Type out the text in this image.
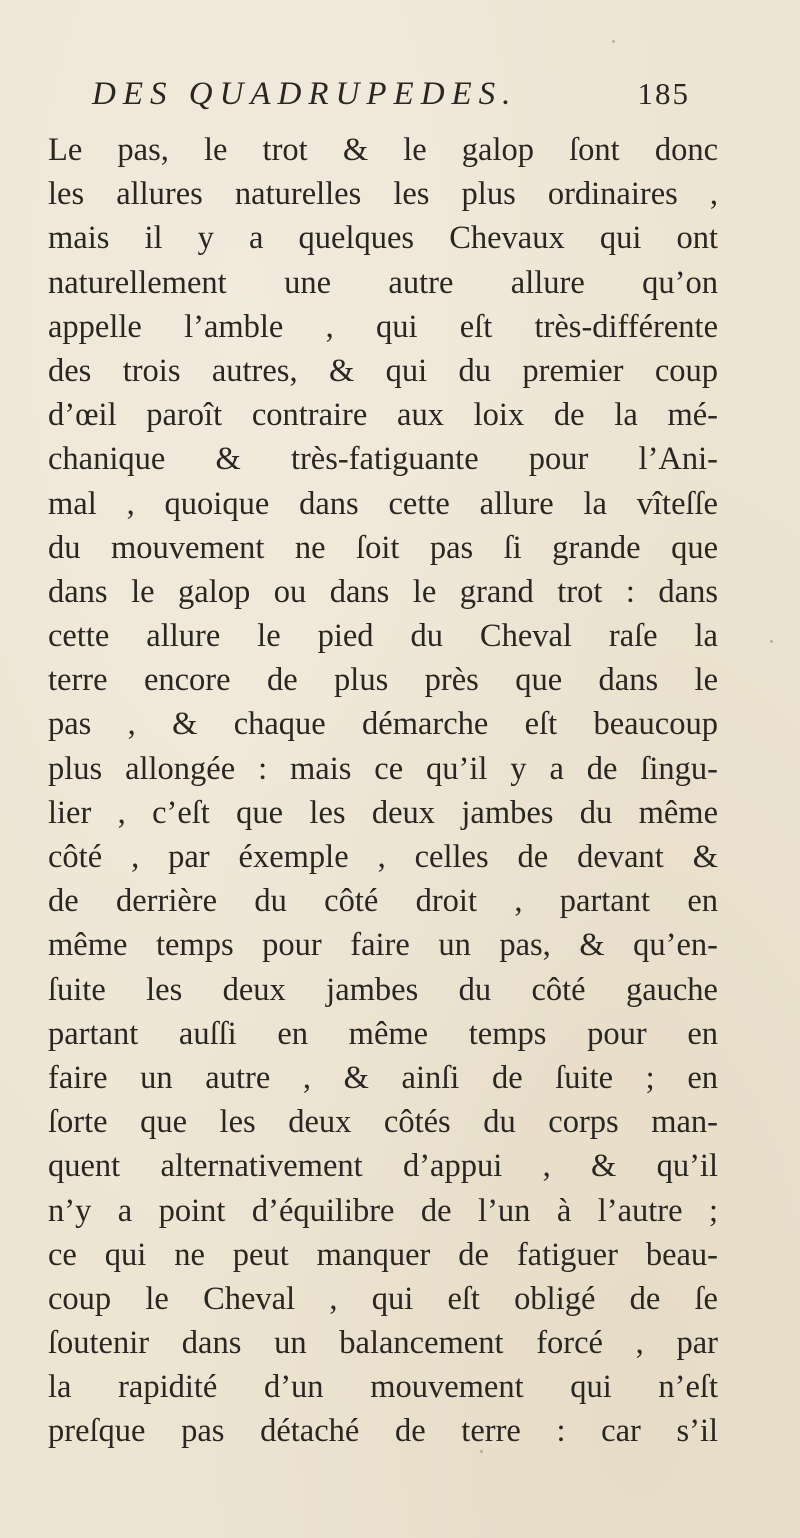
DES QUADRUPEDES.	185
Le pas, le trot & le galop ſont donc
les allures naturelles les plus ordinaires ,
mais il y a quelques Chevaux qui ont
naturellement une autre allure qu’on
appelle l’amble , qui eſt très-différente
des trois autres, & qui du premier coup
d’œil paroît contraire aux loix de la mé-
chanique & très-fatiguante pour l’Ani-
mal , quoique dans cette allure la vîteſſe
du mouvement ne ſoit pas ſi grande que
dans le galop ou dans le grand trot : dans
cette allure le pied du Cheval raſe la
terre encore de plus près que dans le
pas , & chaque démarche eſt beaucoup
plus allongée : mais ce qu’il y a de ſingu-
lier , c’eſt que les deux jambes du même
côté , par éxemple , celles de devant &
de derrière du côté droit , partant en
même temps pour faire un pas, & qu’en-
ſuite les deux jambes du côté gauche
partant auſſi en même temps pour en
faire un autre , & ainſi de ſuite ; en
ſorte que les deux côtés du corps man-
quent alternativement d’appui , & qu’il
n’y a point d’équilibre de l’un à l’autre ;
ce qui ne peut manquer de fatiguer beau-
coup le Cheval , qui eſt obligé de ſe
ſoutenir dans un balancement forcé , par
la rapidité d’un mouvement qui n’eſt
preſque pas détaché de terre : car s’il
